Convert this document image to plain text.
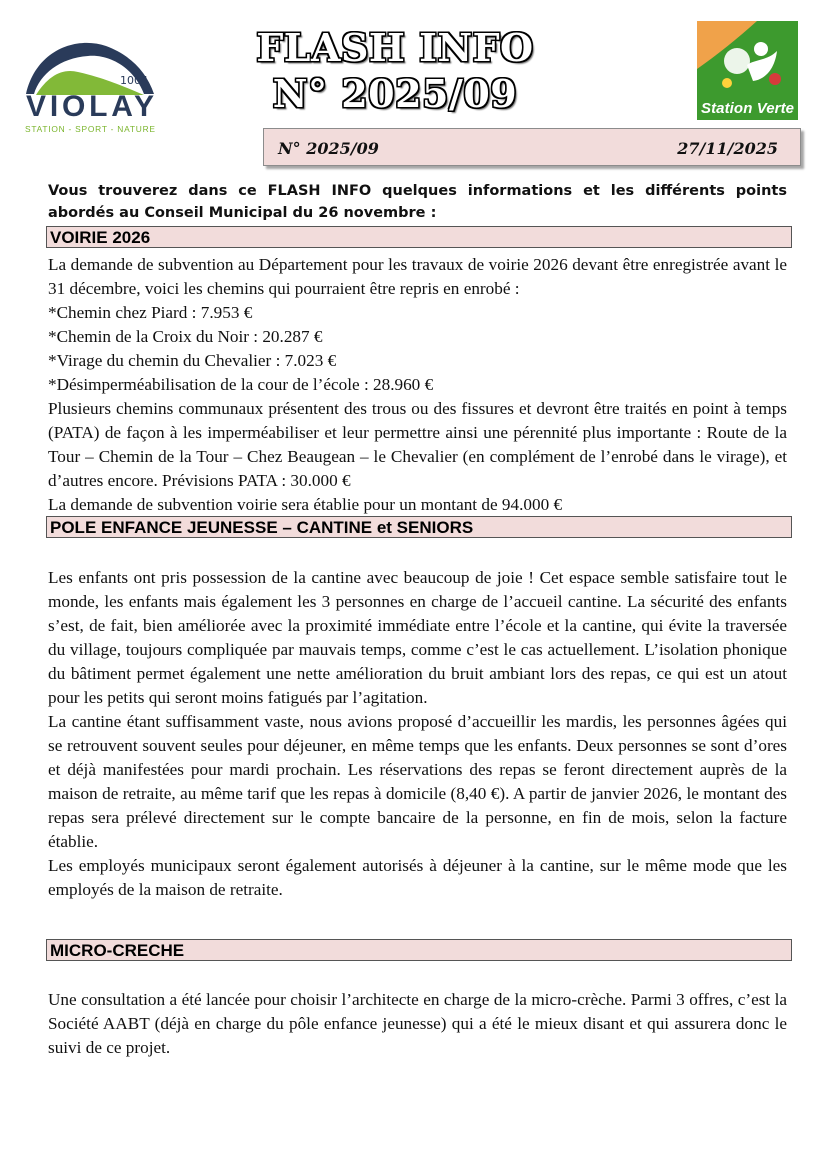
1004
VIOLAY
STATION - SPORT - NATURE
FLASH INFO
N° 2025/09	Station Verte
N° 2025/09	27/11/2025
Vous trouverez dans ce FLASH INFO quelques informations et les différents points abordés au Conseil Municipal du 26 novembre :
VOIRIE 2026

La demande de subvention au Département pour les travaux de voirie 2026 devant être enregistrée avant le 31 décembre, voici les chemins qui pourraient être repris en enrobé :

*Chemin chez Piard : 7.953 €
*Chemin de la Croix du Noir : 20.287 €
*Virage du chemin du Chevalier : 7.023 €
*Désimperméabilisation de la cour de l’école : 28.960 €

Plusieurs chemins communaux présentent des trous ou des fissures et devront être traités en point à temps (PATA) de façon à les imperméabiliser et leur permettre ainsi une pérennité plus importante : Route de la Tour – Chemin de la Tour – Chez Beaugean – le Chevalier (en complément de l’enrobé dans le virage), et d’autres encore. Prévisions PATA : 30.000 €

La demande de subvention voirie sera établie pour un montant de 94.000 €

POLE ENFANCE JEUNESSE – CANTINE et SENIORS

Les enfants ont pris possession de la cantine avec beaucoup de joie ! Cet espace semble satisfaire tout le monde, les enfants mais également les 3 personnes en charge de l’accueil cantine. La sécurité des enfants s’est, de fait, bien améliorée avec la proximité immédiate entre l’école et la cantine, qui évite la traversée du village, toujours compliquée par mauvais temps, comme c’est le cas actuellement. L’isolation phonique du bâtiment permet également une nette amélioration du bruit ambiant lors des repas, ce qui est un atout pour les petits qui seront moins fatigués par l’agitation.

La cantine étant suffisamment vaste, nous avions proposé d’accueillir les mardis, les personnes âgées qui se retrouvent souvent seules pour déjeuner, en même temps que les enfants. Deux personnes se sont d’ores et déjà manifestées pour mardi prochain. Les réservations des repas se feront directement auprès de la maison de retraite, au même tarif que les repas à domicile (8,40 €). A partir de janvier 2026, le montant des repas sera prélevé directement sur le compte bancaire de la personne, en fin de mois, selon la facture établie.

Les employés municipaux seront également autorisés à déjeuner à la cantine, sur le même mode que les employés de la maison de retraite.

MICRO-CRECHE

Une consultation a été lancée pour choisir l’architecte en charge de la micro-crèche. Parmi 3 offres, c’est la Société AABT (déjà en charge du pôle enfance jeunesse) qui a été le mieux disant et qui assurera donc le suivi de ce projet.
